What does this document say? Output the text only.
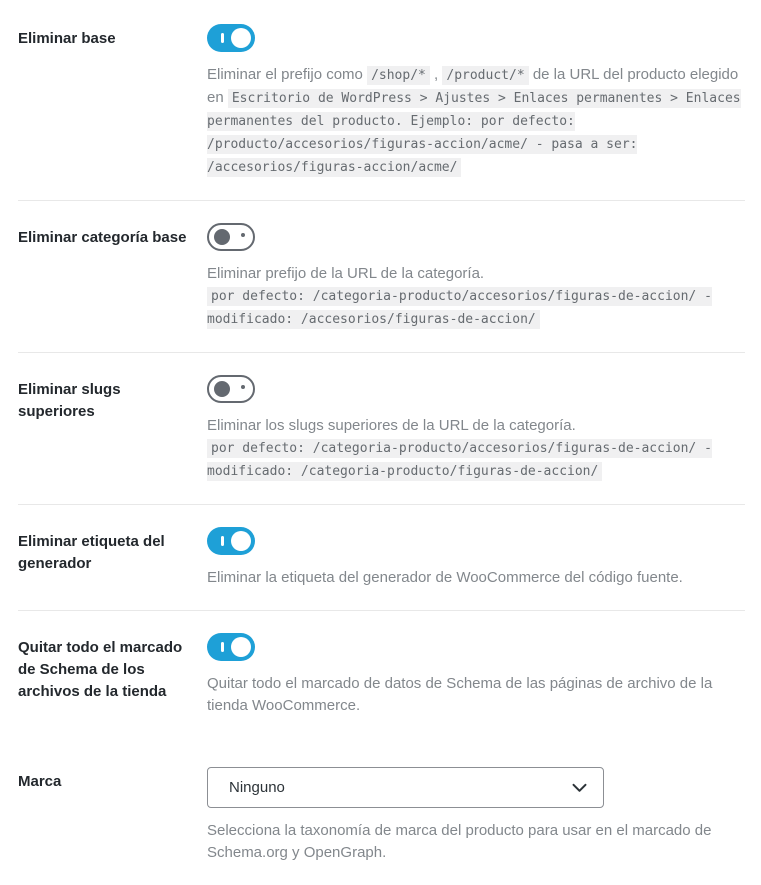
Eliminar base
Eliminar el prefijo como /shop/* , /product/* de la URL del producto elegido en Escritorio de WordPress > Ajustes > Enlaces permanentes > Enlaces permanentes del producto. Ejemplo: por defecto: /producto/accesorios/figuras-accion/acme/ - pasa a ser: /accesorios/figuras-accion/acme/
Eliminar categoría base
Eliminar prefijo de la URL de la categoría.
por defecto: /categoria-producto/accesorios/figuras-de-accion/ - modificado: /accesorios/figuras-de-accion/
Eliminar slugs superiores
Eliminar los slugs superiores de la URL de la categoría.
por defecto: /categoria-producto/accesorios/figuras-de-accion/ - modificado: /categoria-producto/figuras-de-accion/
Eliminar etiqueta del generador
Eliminar la etiqueta del generador de WooCommerce del código fuente.
Quitar todo el marcado de Schema de los archivos de la tienda	Quitar todo el marcado de datos de Schema de las páginas de archivo de la tienda WooCommerce.
Marca	Ninguno
Selecciona la taxonomía de marca del producto para usar en el marcado de Schema.org y OpenGraph.
